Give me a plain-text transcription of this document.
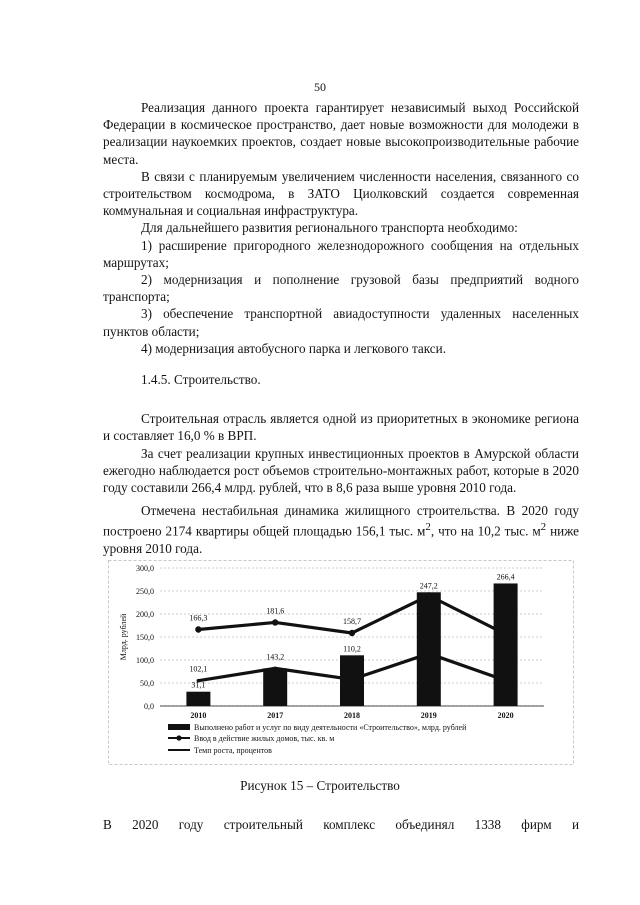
50

Реализация данного проекта гарантирует независимый выход Российской Федерации в космическое пространство, дает новые возможности для молодежи в реализации наукоемких проектов, создает новые высокопроизводительные рабочие места.

В связи с планируемым увеличением численности населения, связанного со строительством космодрома, в ЗАТО Циолковский создается современная коммунальная и социальная инфраструктура.

Для дальнейшего развития регионального транспорта необходимо:

1) расширение пригородного железнодорожного сообщения на отдельных маршрутах;

2) модернизация и пополнение грузовой базы предприятий водного транспорта;

3) обеспечение транспортной авиадоступности удаленных населенных пунктов области;

4) модернизация автобусного парка и легкового такси.

1.4.5. Строительство.

Строительная отрасль является одной из приоритетных в экономике региона и составляет 16,0 % в ВРП.

За счет реализации крупных инвестиционных проектов в Амурской области ежегодно наблюдается рост объемов строительно-монтажных работ, которые в 2020 году составили 266,4 млрд. рублей, что в 8,6 раза выше уровня 2010 года.

Отмечена нестабильная динамика жилищного строительства. В 2020 году построено 2174 квартиры общей площадью 156,1 тыс. $м^2$, что на 10,2 тыс. $м^2$ ниже уровня 2010 года.

0,0
50,0
100,0
150,0
200,0
250,0
300,0
Млрд. рублей
31,1
110,2
247,2
266,4
166,3
181,6
158,7
102,1
143,2
2010	2017	2018	2019	2020
Выполнено работ и услуг по виду деятельности «Строительство», млрд. рублей
Ввод в действие жилых домов, тыс. кв. м
Темп роста, процентов
Рисунок 15 – Строительство
В 2020 году строительный комплекс объединял 1338 фирм и
